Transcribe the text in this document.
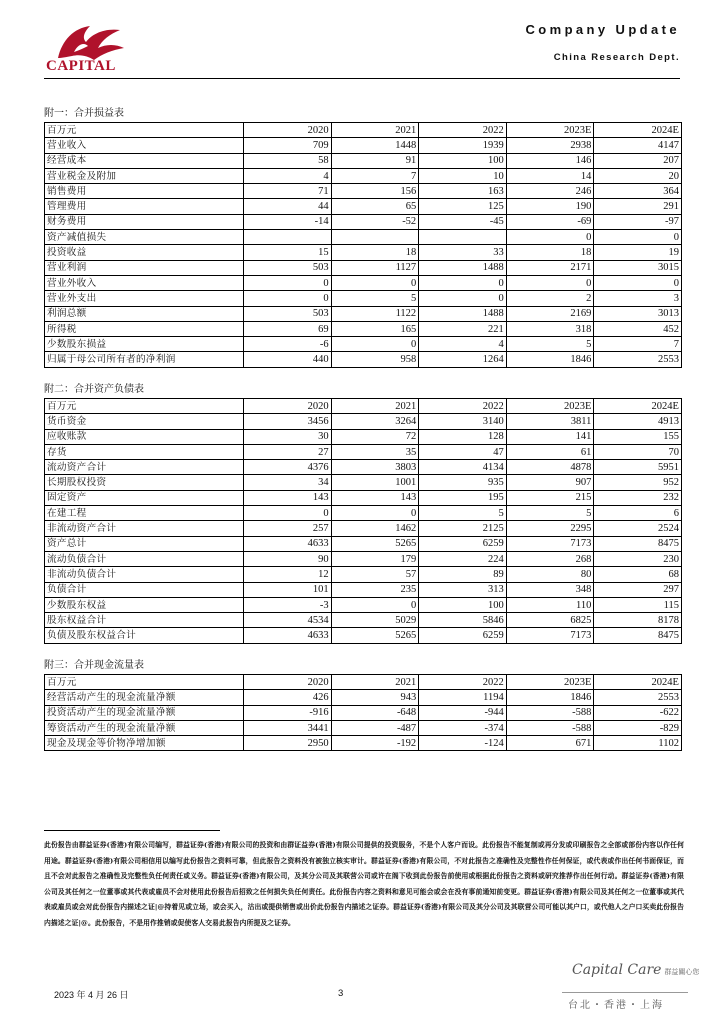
CAPITAL
Company Update
China Research Dept.
附一：合并损益表
百万元	2020	2021	2022	2023E	2024E
营业收入	709	1448	1939	2938	4147
经营成本	58	91	100	146	207
营业税金及附加	4	7	10	14	20
销售费用	71	156	163	246	364
管理费用	44	65	125	190	291
财务费用	-14	-52	-45	-69	-97
资产减值损失				0	0
投资收益	15	18	33	18	19
营业利润	503	1127	1488	2171	3015
营业外收入	0	0	0	0	0
营业外支出	0	5	0	2	3
利润总额	503	1122	1488	2169	3013
所得税	69	165	221	318	452
少数股东损益	-6	0	4	5	7
归属于母公司所有者的净利润	440	958	1264	1846	2553
附二：合并资产负债表
百万元	2020	2021	2022	2023E	2024E
货币资金	3456	3264	3140	3811	4913
应收账款	30	72	128	141	155
存货	27	35	47	61	70
流动资产合计	4376	3803	4134	4878	5951
长期股权投资	34	1001	935	907	952
固定资产	143	143	195	215	232
在建工程	0	0	5	5	6
非流动资产合计	257	1462	2125	2295	2524
资产总计	4633	5265	6259	7173	8475
流动负债合计	90	179	224	268	230
非流动负债合计	12	57	89	80	68
负债合计	101	235	313	348	297
少数股东权益	-3	0	100	110	115
股东权益合计	4534	5029	5846	6825	8178
负债及股东权益合计	4633	5265	6259	7173	8475
附三：合并现金流量表
百万元	2020	2021	2022	2023E	2024E
经营活动产生的现金流量净额	426	943	1194	1846	2553
投资活动产生的现金流量净额	-916	-648	-944	-588	-622
筹资活动产生的现金流量净额	3441	-487	-374	-588	-829
现金及现金等价物净增加额	2950	-192	-124	671	1102
此份报告由群益证券(香港)有限公司编写，群益证券(香港)有限公司的投资和由群证益券(香港)有限公司提供的投资服务，不是个人客户而设。此份报告不能复制或再分发或印刷报告之全部或部份内容以作任何用途。群益证券(香港)有限公司相信用以编写此份报告之资料可靠，但此报告之资料没有被独立核实审计。群益证券(香港)有限公司，不对此报告之准确性及完整性作任何保证，或代表或作出任何书面保证，而且不会对此报告之准确性及完整性负任何责任或义务。群益证券(香港)有限公司，及其分公司及其联营公司或许在阁下收到此份报告前使用或根据此份报告之资料或研究推荐作出任何行动。群益证券(香港)有限公司及其任何之一位董事或其代表或雇员不会对使用此份报告后招致之任何损失负任何责任。此份报告内容之资料和意见可能会或会在没有事前通知前变更。群益证券(香港)有限公司及其任何之一位董事或其代表或雇员或会对此份报告内描述之证|@持着见或立场，或会买入，沽出或提供销售或出价此份报告内描述之证券。群益证券(香港)有限公司及其分公司及其联营公司可能以其户口，或代他人之户口买卖此份报告内描述之证|@。此份报告，不是用作推销或促使客人交易此报告内所提及之证券。
Capital Care 群益關心您
台北・香港・上海
2023 年 4 月 26 日	3
